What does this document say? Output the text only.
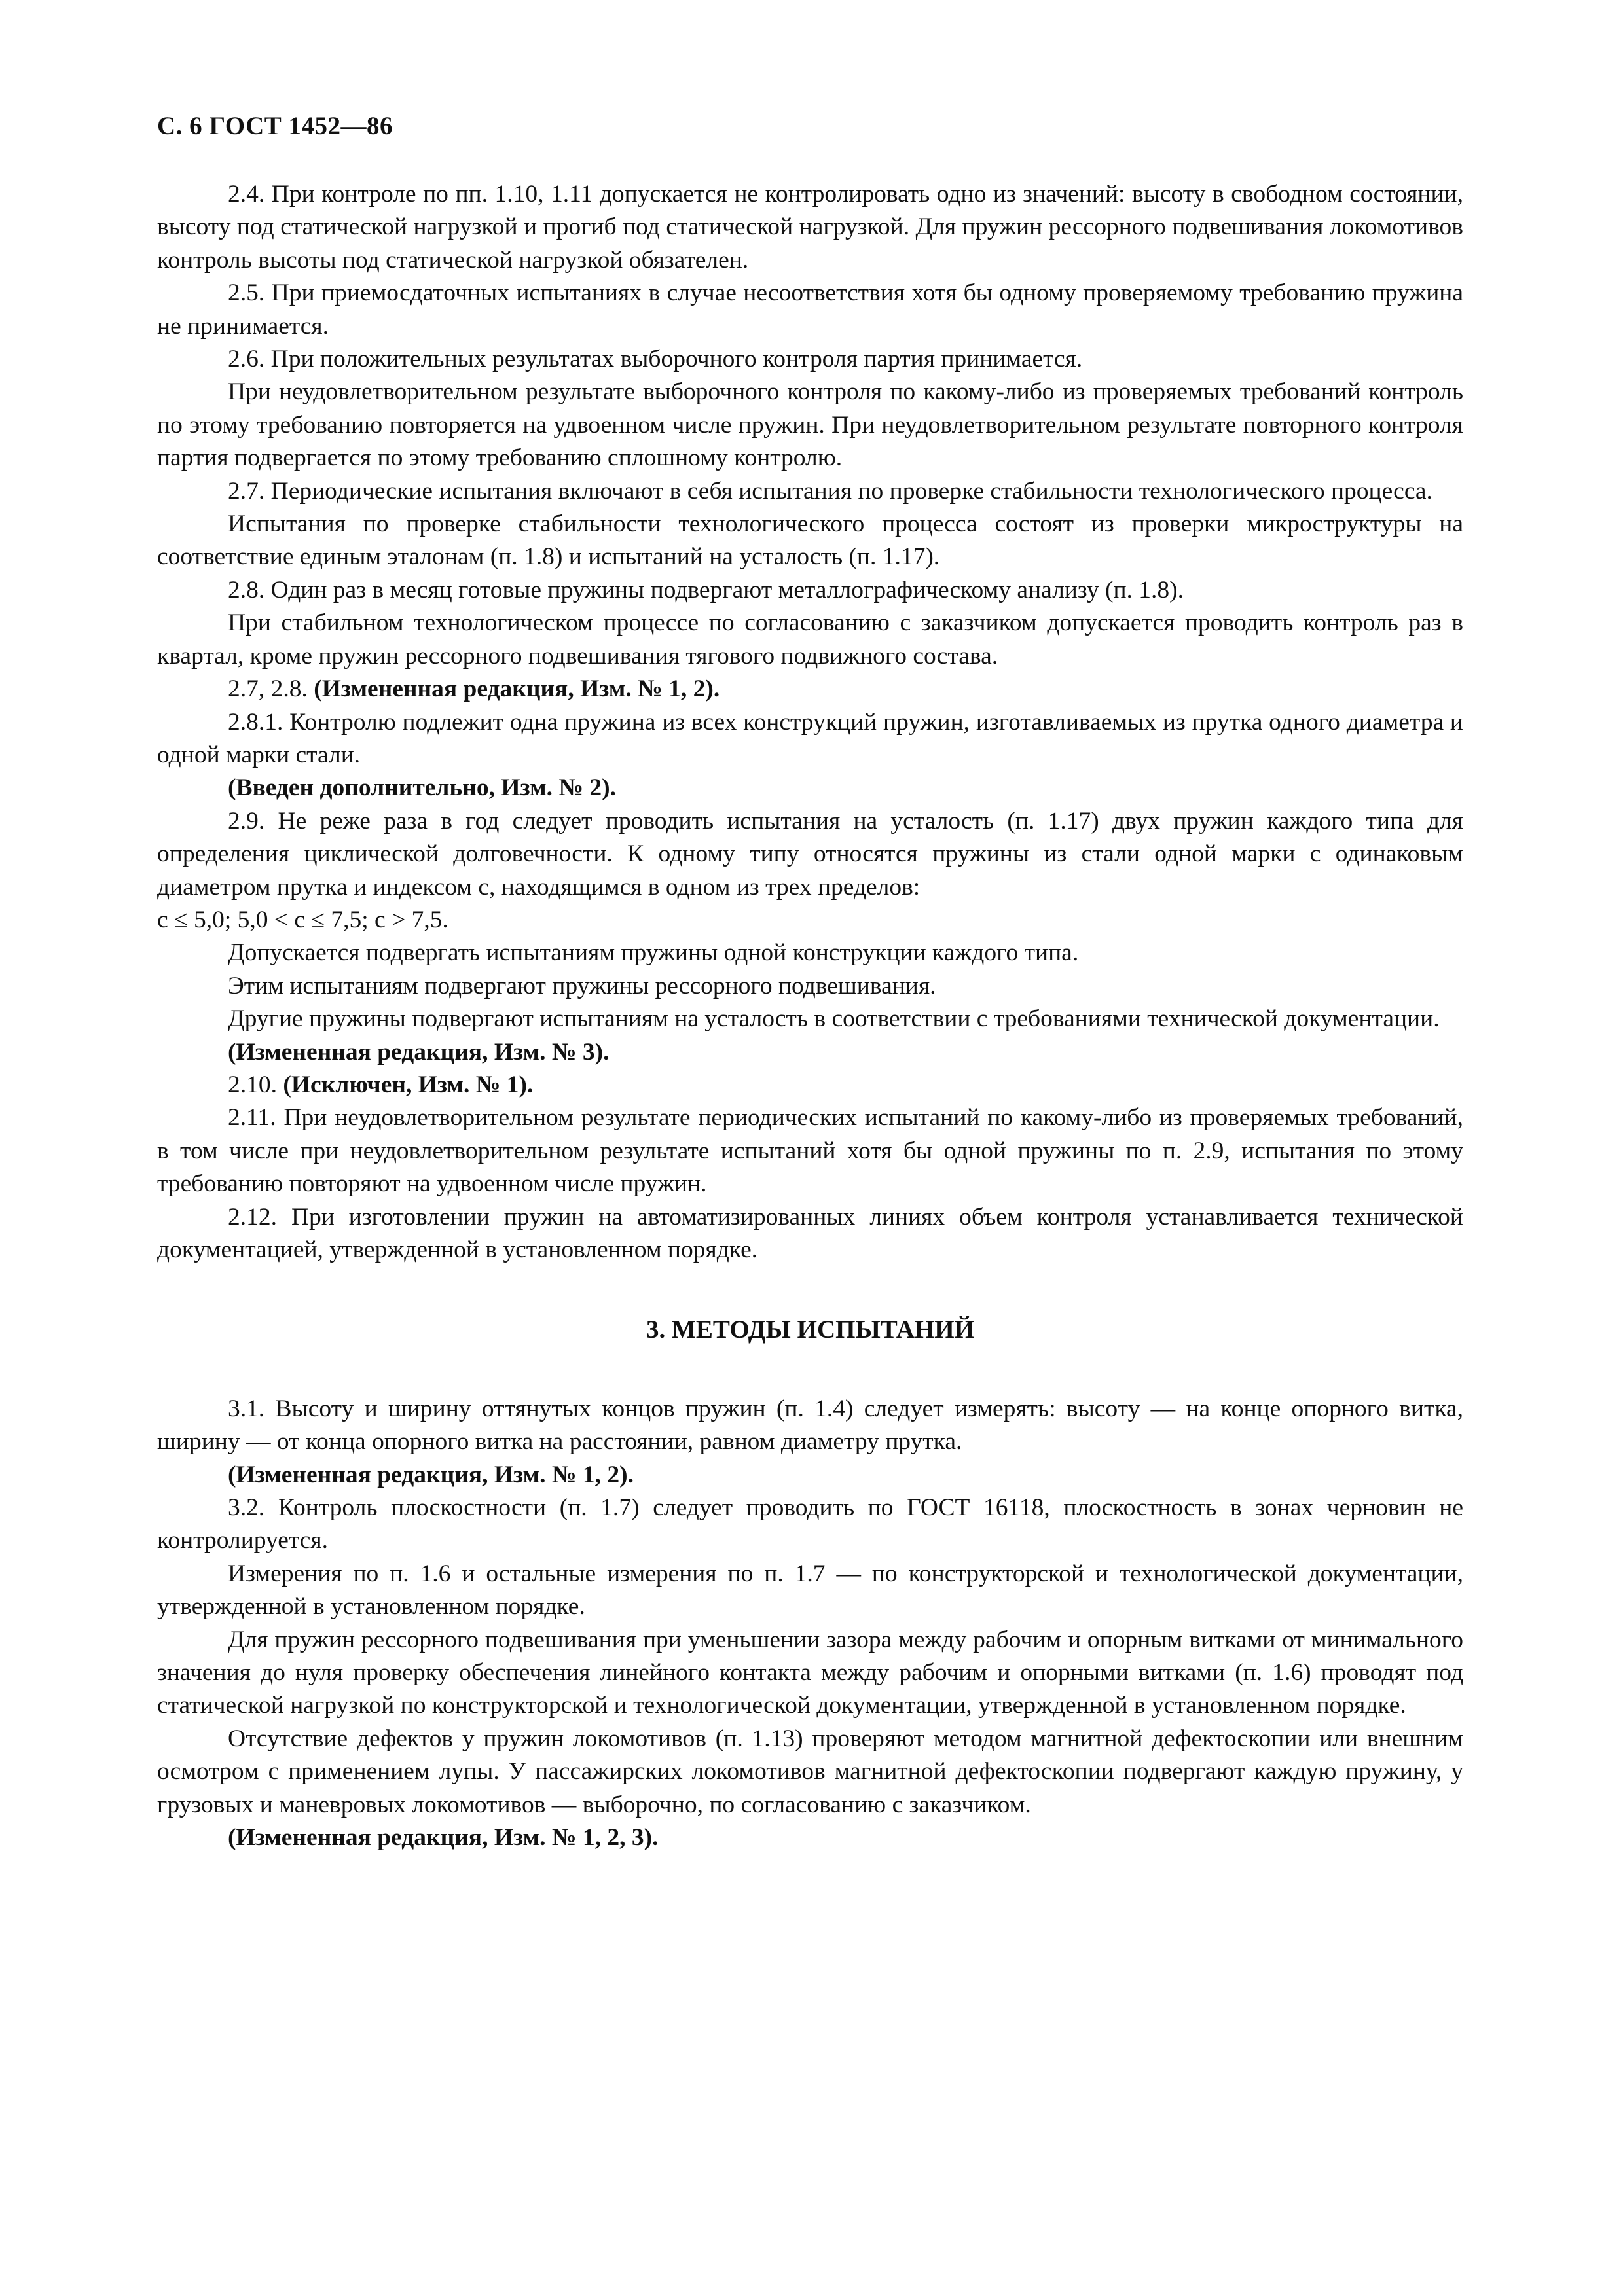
С. 6 ГОСТ 1452—86

2.4. При контроле по пп. 1.10, 1.11 допускается не контролировать одно из значений: высоту в свободном состоянии, высоту под статической нагрузкой и прогиб под статической нагрузкой. Для пружин рессорного подвешивания локомотивов контроль высоты под статической нагрузкой обязателен.

2.5. При приемосдаточных испытаниях в случае несоответствия хотя бы одному проверяемому требованию пружина не принимается.

2.6. При положительных результатах выборочного контроля партия принимается.

При неудовлетворительном результате выборочного контроля по какому-либо из проверяемых требований контроль по этому требованию повторяется на удвоенном числе пружин. При неудовлетворительном результате повторного контроля партия подвергается по этому требованию сплошному контролю.

2.7. Периодические испытания включают в себя испытания по проверке стабильности технологического процесса.

Испытания по проверке стабильности технологического процесса состоят из проверки микроструктуры на соответствие единым эталонам (п. 1.8) и испытаний на усталость (п. 1.17).

2.8. Один раз в месяц готовые пружины подвергают металлографическому анализу (п. 1.8).

При стабильном технологическом процессе по согласованию с заказчиком допускается проводить контроль раз в квартал, кроме пружин рессорного подвешивания тягового подвижного состава.

2.7, 2.8. (Измененная редакция, Изм. № 1, 2).

2.8.1. Контролю подлежит одна пружина из всех конструкций пружин, изготавливаемых из прутка одного диаметра и одной марки стали.

(Введен дополнительно, Изм. № 2).

2.9. Не реже раза в год следует проводить испытания на усталость (п. 1.17) двух пружин каждого типа для определения циклической долговечности. К одному типу относятся пружины из стали одной марки с одинаковым диаметром прутка и индексом c, находящимся в одном из трех пределов:

c ≤ 5,0; 5,0 < c ≤ 7,5; c > 7,5.

Допускается подвергать испытаниям пружины одной конструкции каждого типа.

Этим испытаниям подвергают пружины рессорного подвешивания.

Другие пружины подвергают испытаниям на усталость в соответствии с требованиями технической документации.

(Измененная редакция, Изм. № 3).

2.10. (Исключен, Изм. № 1).

2.11. При неудовлетворительном результате периодических испытаний по какому-либо из проверяемых требований, в том числе при неудовлетворительном результате испытаний хотя бы одной пружины по п. 2.9, испытания по этому требованию повторяют на удвоенном числе пружин.

2.12. При изготовлении пружин на автоматизированных линиях объем контроля устанавливается технической документацией, утвержденной в установленном порядке.

3. МЕТОДЫ ИСПЫТАНИЙ

3.1. Высоту и ширину оттянутых концов пружин (п. 1.4) следует измерять: высоту — на конце опорного витка, ширину — от конца опорного витка на расстоянии, равном диаметру прутка.

(Измененная редакция, Изм. № 1, 2).

3.2. Контроль плоскостности (п. 1.7) следует проводить по ГОСТ 16118, плоскостность в зонах черновин не контролируется.

Измерения по п. 1.6 и остальные измерения по п. 1.7 — по конструкторской и технологической документации, утвержденной в установленном порядке.

Для пружин рессорного подвешивания при уменьшении зазора между рабочим и опорным витками от минимального значения до нуля проверку обеспечения линейного контакта между рабочим и опорными витками (п. 1.6) проводят под статической нагрузкой по конструкторской и технологической документации, утвержденной в установленном порядке.

Отсутствие дефектов у пружин локомотивов (п. 1.13) проверяют методом магнитной дефектоскопии или внешним осмотром с применением лупы. У пассажирских локомотивов магнитной дефектоскопии подвергают каждую пружину, у грузовых и маневровых локомотивов — выборочно, по согласованию с заказчиком.

(Измененная редакция, Изм. № 1, 2, 3).
